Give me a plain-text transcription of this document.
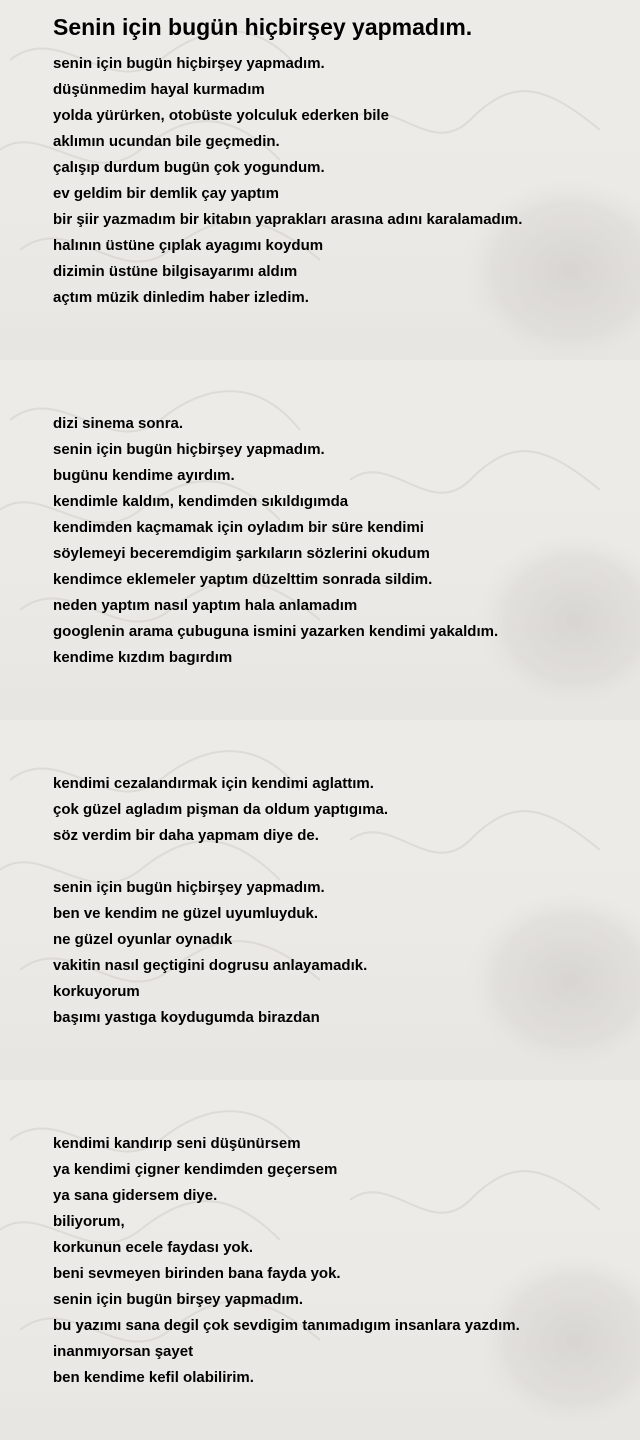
Senin için bugün hiçbirşey yapmadım.
senin için bugün hiçbirşey yapmadım.
düşünmedim hayal kurmadım
yolda yürürken, otobüste yolculuk ederken bile
aklımın ucundan bile geçmedin.
çalışıp durdum bugün çok yogundum.
ev geldim bir demlik çay yaptım
bir şiir yazmadım bir kitabın yaprakları arasına adını karalamadım.
halının üstüne çıplak ayagımı koydum
dizimin üstüne bilgisayarımı aldım
açtım müzik dinledim haber izledim.
dizi sinema sonra.
senin için bugün hiçbirşey yapmadım.
bugünu kendime ayırdım.
kendimle kaldım, kendimden sıkıldıgımda
kendimden kaçmamak için oyladım bir süre kendimi
söylemeyi beceremdigim şarkıların sözlerini okudum
kendimce eklemeler yaptım düzelttim sonrada sildim.
neden yaptım nasıl yaptım hala anlamadım
googlenin arama çubuguna ismini yazarken kendimi yakaldım.
kendime kızdım bagırdım
kendimi cezalandırmak için kendimi aglattım.
çok güzel agladım pişman da oldum yaptıgıma.
söz verdim bir daha yapmam diye de.
senin için bugün hiçbirşey yapmadım.
ben ve kendim ne güzel uyumluyduk.
ne güzel oyunlar oynadık
vakitin nasıl geçtigini dogrusu anlayamadık.
korkuyorum
başımı yastıga koydugumda birazdan
kendimi kandırıp seni düşünürsem
ya kendimi çigner kendimden geçersem
ya sana gidersem diye.
biliyorum,
korkunun ecele faydası yok.
beni sevmeyen birinden bana fayda yok.
senin için bugün birşey yapmadım.
bu yazımı sana degil çok sevdigim tanımadıgım insanlara yazdım.
inanmıyorsan şayet
ben kendime kefil olabilirim.
